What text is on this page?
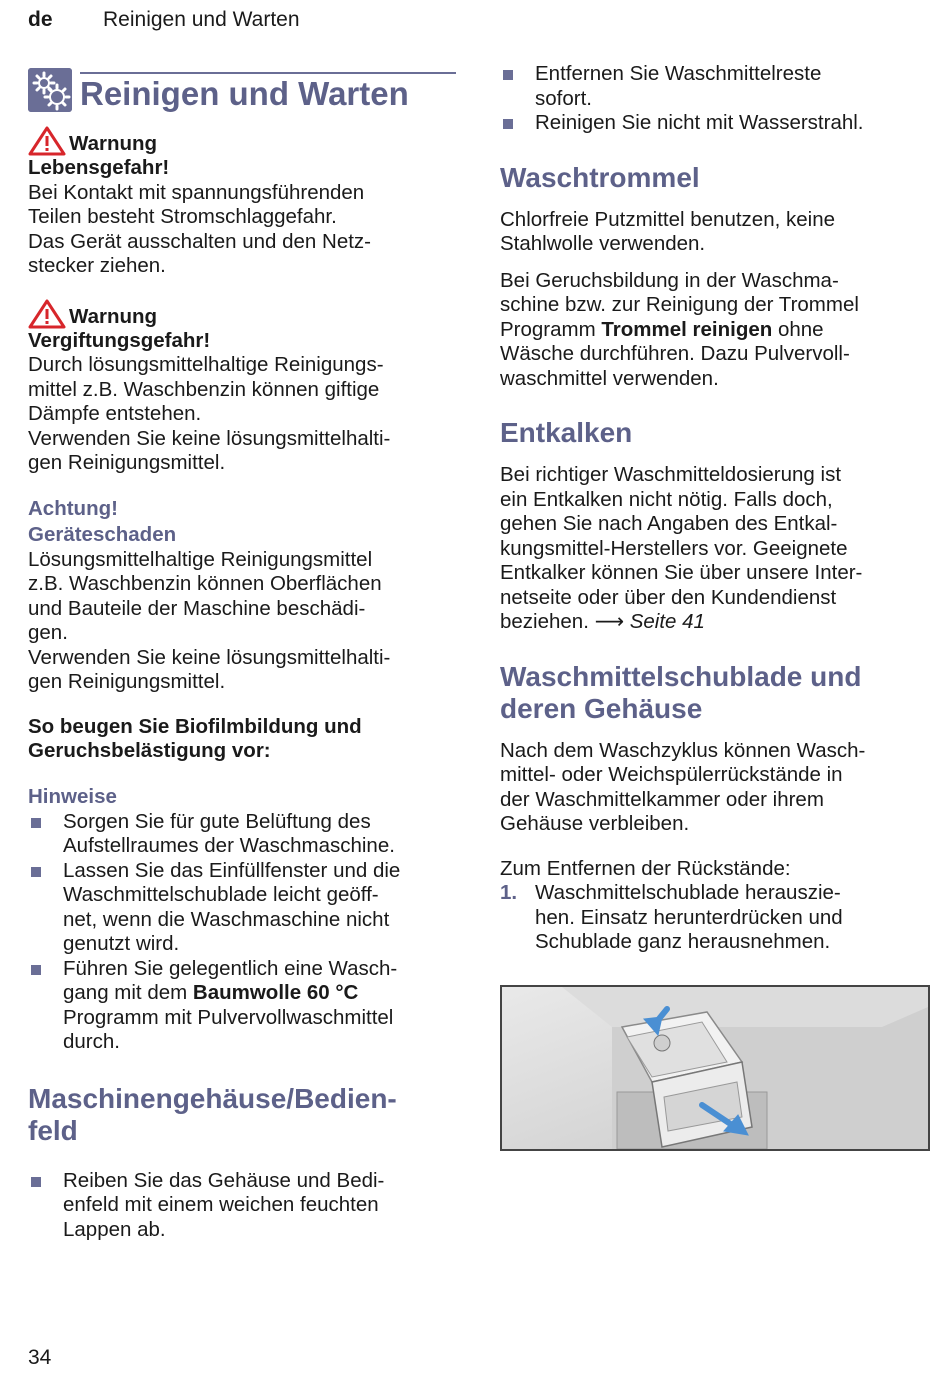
de Reinigen und Warten
Reinigen und Warten
Warnung
Lebensgefahr!
Bei Kontakt mit spannungsführenden
Teilen besteht Stromschlaggefahr.
Das Gerät ausschalten und den Netz-
stecker ziehen.
Warnung
Vergiftungsgefahr!
Durch lösungsmittelhaltige Reinigungs-
mittel z.B. Waschbenzin können giftige
Dämpfe entstehen.
Verwenden Sie keine lösungsmittelhalti-
gen Reinigungsmittel.
Achtung!
Geräteschaden
Lösungsmittelhaltige Reinigungsmittel
z.B. Waschbenzin können Oberflächen
und Bauteile der Maschine beschädi-
gen.
Verwenden Sie keine lösungsmittelhalti-
gen Reinigungsmittel.
So beugen Sie Biofilmbildung und
Geruchsbelästigung vor:
Hinweise
Sorgen Sie für gute Belüftung des
Aufstellraumes der Waschmaschine.
Lassen Sie das Einfüllfenster und die
Waschmittelschublade leicht geöff-
net, wenn die Waschmaschine nicht
genutzt wird.
Führen Sie gelegentlich eine Wasch-
gang mit dem Baumwolle 60 °C
Programm mit Pulvervollwaschmittel
durch.
Maschinengehäuse/Bedien-
feld
Reiben Sie das Gehäuse und Bedi-
enfeld mit einem weichen feuchten
Lappen ab.
Entfernen Sie Waschmittelreste
sofort.
Reinigen Sie nicht mit Wasserstrahl.
Waschtrommel

Chlorfreie Putzmittel benutzen, keine
Stahlwolle verwenden.

Bei Geruchsbildung in der Waschma-
schine bzw. zur Reinigung der Trommel
Programm Trommel reinigen ohne
Wäsche durchführen. Dazu Pulvervoll-
waschmittel verwenden.

Entkalken

Bei richtiger Waschmitteldosierung ist
ein Entkalken nicht nötig. Falls doch,
gehen Sie nach Angaben des Entkal-
kungsmittel-Herstellers vor. Geeignete
Entkalker können Sie über unsere Inter-
netseite oder über den Kundendienst
beziehen. ⟶ Seite 41

Waschmittelschublade und
deren Gehäuse

Nach dem Waschzyklus können Wasch-
mittel- oder Weichspülerrückstände in
der Waschmittelkammer oder ihrem
Gehäuse verbleiben.

Zum Entfernen der Rückstände:

1. Waschmittelschublade herauszie-
hen. Einsatz herunterdrücken und
Schublade ganz herausnehmen.
34
